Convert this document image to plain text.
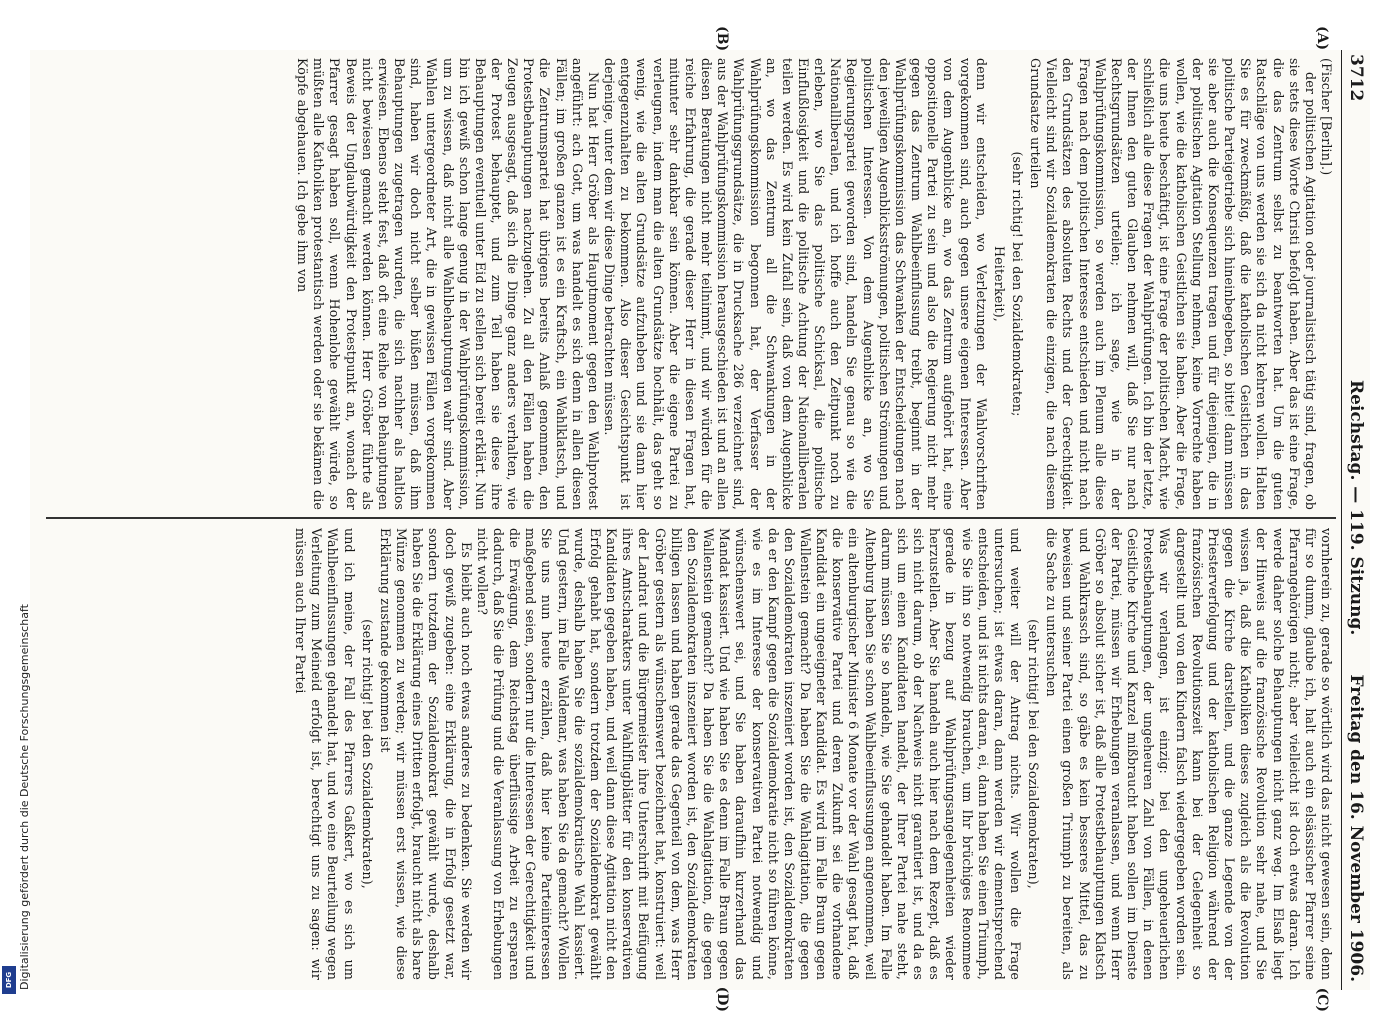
3712
Reichstag. — 119. Sitzung.
Freitag den 16. November 1906.
(A)
(B)
(C)
(D)

(Fischer [Berlin].)

der politischen Agitation oder journalistisch tätig sind, fragen, ob sie stets diese Worte Christi befolgt haben. Aber das ist eine Frage, die das Zentrum selbst zu beantworten hat. Um die guten Ratschläge von uns werden sie sich da nicht kehren wollen. Halten Sie es für zweckmäßig, daß die katholischen Geistlichen in das politische Parteigetriebe sich hineinbegeben, so bitte! dann müssen sie aber auch die Konsequenzen tragen und für diejenigen, die in der politischen Agitation Stellung nehmen, keine Vorrechte haben wollen, wie die katholischen Geistlichen sie haben. Aber die Frage, die uns heute beschäftigt, ist eine Frage der politischen Macht, wie schließlich alle diese Fragen der Wahlprüfungen. Ich bin der letzte, der Ihnen den guten Glauben nehmen will, daß Sie nur nach Rechtsgrundsätzen urteilen; ich sage, wie in der Wahlprüfungskommission, so werden auch im Plenum alle diese Fragen nach dem politischen Interesse entschieden und nicht nach den Grundsätzen des absoluten Rechts und der Gerechtigkeit. Vielleicht sind wir Sozialdemokraten die einzigen, die nach diesem Grundsatze urteilen

(sehr richtig! bei den Sozialdemokraten;

Heiterkeit),

denn wir entscheiden, wo Verletzungen der Wahlvorschriften vorgekommen sind, auch gegen unsere eigenen Interessen. Aber von dem Augenblicke an, wo das Zentrum aufgehört hat, eine oppositionelle Partei zu sein und also die Regierung nicht mehr gegen das Zentrum Wahlbeeinflussung treibt, beginnt in der Wahlprüfungskommission das Schwanken der Entscheidungen nach den jeweiligen Augenblicksströmungen, politischen Strömungen und politischen Interessen. Von dem Augenblicke an, wo Sie Regierungspartei geworden sind, handeln Sie genau so wie die Nationalliberalen, und ich hoffe auch den Zeitpunkt noch zu erleben, wo Sie das politische Schicksal, die politische Einflußlosigkeit und die politische Achtung der Nationalliberalen teilen werden. Es wird kein Zufall sein, daß von dem Augenblicke an, wo das Zentrum all die Schwankungen in der Wahlprüfungskommission begonnen hat, der Verfasser der Wahlprüfungsgrundsätze, die in Drucksache 286 verzeichnet sind, aus der Wahlprüfungskommission herausgeschieden ist und an allen diesen Beratungen nicht mehr teilnimmt, und wir würden für die reiche Erfahrung, die gerade dieser Herr in diesen Fragen hat, mitunter sehr dankbar sein können. Aber die eigene Partei zu verleugnen, indem man die alten Grundsätze hochhält, das geht so wenig, wie die alten Grundsätze aufzuheben und sie dann hier entgegenzuhalten zu bekommen. Also dieser Gesichtspunkt ist derjenige, unter dem wir diese Dinge betrachten müssen.

Nun hat Herr Gröber als Hauptmoment gegen den Wahlprotest angeführt: ach Gott, um was handelt es sich denn in allen diesen Fällen; im großen ganzen ist es ein Kraftsch, ein Wahlklatsch, und die Zentrumspartei hat übrigens bereits Anlaß genommen, den Protestbehauptungen nachzugehen. Zu all den Fällen haben die Zeugen ausgesagt, daß sich die Dinge ganz anders verhalten, wie der Protest behauptet, und zum Teil haben sie diese ihre Behauptungen eventuell unter Eid zu stellen sich bereit erklärt. Nun bin ich gewiß schon lange genug in der Wahlprüfungskommission, um zu wissen, daß nicht alle Wahlbehauptungen wahr sind. Aber Wahlen untergeordneter Art, die in gewissen Fällen vorgekommen sind, haben wir doch nicht selber büßen müssen, daß ihm Behauptungen zugetragen wurden, die sich nachher als haltlos erwiesen. Ebenso steht fest, daß oft eine Reihe von Behauptungen nicht bewiesen gemacht werden können. Herr Gröber führte als Beweis der Unglaubwürdigkeit den Protestpunkt an, wonach der Pfarrer gesagt haben soll, wenn Hohenlohe gewählt würde, so müßten alle Katholiken protestantisch werden oder sie bekämen die Köpfe abgehauen. Ich gebe ihm von

vornherein zu, gerade so wörtlich wird das nicht gewesen sein, denn für so dumm, glaube ich, halt auch ein elsässischer Pfarrer seine Pfarrangehörigen nicht; aber vielleicht ist doch etwas daran. Ich werde daher solche Behauptungen nicht ganz weg. Im Elsaß liegt der Hinweis auf die französische Revolution sehr nahe, und Sie wissen ja, daß die Katholiken dieses zugleich als die Revolution gegen die Kirche darstellen, und die ganze Legende von der Priesterverfolgung und der katholischen Religion während der französischen Revolutionszeit kann bei der Gelegenheit so dargestellt und von den Kindern falsch wiedergegeben worden sein. Was wir verlangen, ist einzig: bei den ungeheuerlichen Protestbehauptungen, der ungeheuren Zahl von Fällen, in denen Geistliche Kirche und Kanzel mißbraucht haben sollen im Dienste der Partei, müssen wir Erhebungen veranlassen, und wenn Herr Gröber so absolut sicher ist, daß alle Protestbehauptungen Klatsch und Wahlkrassch sind, so gäbe es kein besseres Mittel, das zu beweisen und seiner Partei einen großen Triumph zu bereiten, als die Sache zu untersuchen

(sehr richtig! bei den Sozialdemokraten),

und weiter will der Antrag nichts. Wir wollen die Frage untersuchen; ist etwas daran, dann werden wir dementsprechend entscheiden, und ist nichts daran, ei, dann haben Sie einen Triumph, wie Sie ihn so notwendig brauchen, um Ihr brüchiges Renommee gerade in bezug auf Wahlprüfungsangelegenheiten wieder herzustellen. Aber Sie handeln auch hier nach dem Rezept, daß es sich nicht darum, ob der Nachweis nicht garantiert ist, und da es sich um einen Kandidaten handelt, der Ihrer Partei nahe steht, darum müssen Sie so handeln, wie Sie gehandelt haben. Im Falle Altenburg haben Sie schon Wahlbeeinflussungen angenommen, weil ein altenburgischer Minister 6 Monate vor der Wahl gesagt hat, daß die konservative Partei und deren Zukunft sei die vorhandene Kandidat ein ungeeigneter Kandidat. Es wird im Falle Braun gegen Wallenstein gemacht? Da haben Sie die Wahlagitation, die gegen den Sozialdemokraten inszeniert worden ist, den Sozialdemokraten da er den Kampf gegen die Sozialdemokratie nicht so führen könne, wie es im Interesse der konservativen Partei notwendig und wünschenswert sei, und Sie haben daraufhin kurzerhand das Mandat kassiert. Und wie haben Sie es denn im Falle Braun gegen Wallenstein gemacht? Da haben Sie die Wahlagitation, die gegen den Sozialdemokraten inszeniert worden ist, den Sozialdemokraten billigen lassen und haben gerade das Gegenteil von dem, was Herr Gröber gestern als wünschenswert bezeichnet hat, konstruiert: weil der Landrat und die Bürgermeister ihre Unterschrift mit Beifügung ihres Amtscharakters unter Wahlflugblätter für den konservativen Kandidaten gegeben haben, und weil dann diese Agitation nicht den Erfolg gehabt hat, sondern trotzdem der Sozialdemokrat gewählt wurde, deshalb haben Sie die sozialdemokratische Wahl kassiert. Und gestern, im Falle Waldemar, was haben Sie da gemacht? Wollen Sie uns nun heute erzählen, daß hier keine Parteiinteressen maßgebend seien, sondern nur die Interessen der Gerechtigkeit und die Erwägung, dem Reichstag überflüssige Arbeit zu ersparen dadurch, daß Sie die Prüfung und die Veranlassung von Erhebungen nicht wollen?

Es bleibt auch noch etwas anderes zu bedenken. Sie werden wir doch gewiß zugeben: eine Erklärung, die in Erfolg gesetzt war, sondern trotzdem der Sozialdemokrat gewählt wurde, deshalb haben Sie die Erklärung eines Dritten erfolgt, braucht nicht als bare Münze genommen zu werden; wir müssen erst wissen, wie diese Erklärung zustande gekommen ist

(sehr richtig! bei den Sozialdemokraten),

und ich meine, der Fall des Pfarrers Gaßkert, wo es sich um Wahlbeeinflussungen gehandelt hat, und wo eine Beurteilung wegen Verleitung zum Meineid erfolgt ist, berechtigt uns zu sagen: wir müssen auch Ihrer Partei

Digitalisierung gefördert durch die Deutsche Forschungsgemeinschaft
DFG
